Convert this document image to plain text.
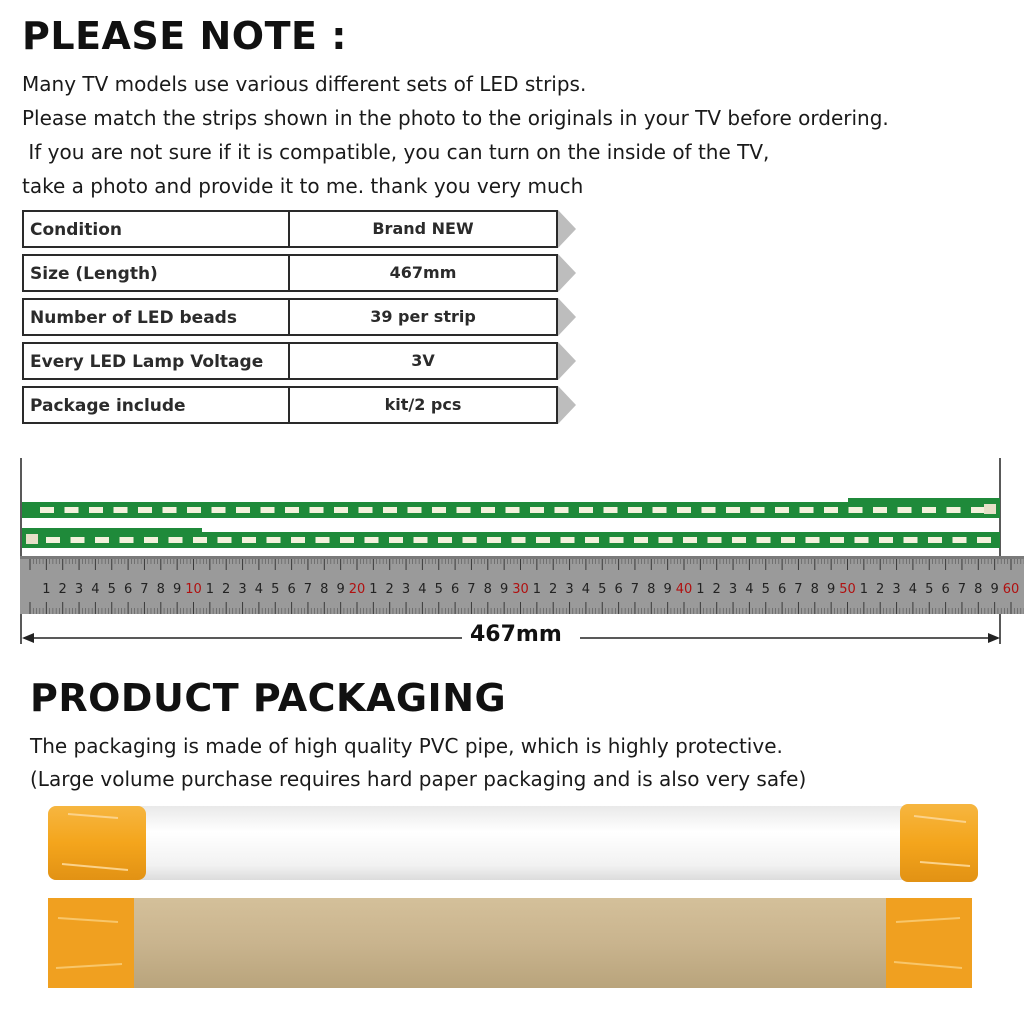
PLEASE NOTE :
Many TV models use various different sets of LED strips.
Please match the strips shown in the photo to the originals in your TV before ordering.
If you are not sure if it is compatible, you can turn on the inside of the TV,
take a photo and provide it to me. thank you very much
Condition	Brand NEW
Size (Length)	467mm
Number of LED beads	39 per strip
Every LED Lamp Voltage	3V
Package include	kit/2 pcs
1 2 3 4 5 6 7 8 9 10 1 2 3 4 5 6 7 8 9 20 1 2 3 4 5 6 7 8 9 30 1 2 3 4 5 6 7 8 9 40 1 2 3 4 5 6 7 8 9 50 1 2 3 4 5 6 7 8 9 60
467mm
PRODUCT PACKAGING
The packaging is made of high quality PVC pipe, which is highly protective.
(Large volume purchase requires hard paper packaging and is also very safe)
